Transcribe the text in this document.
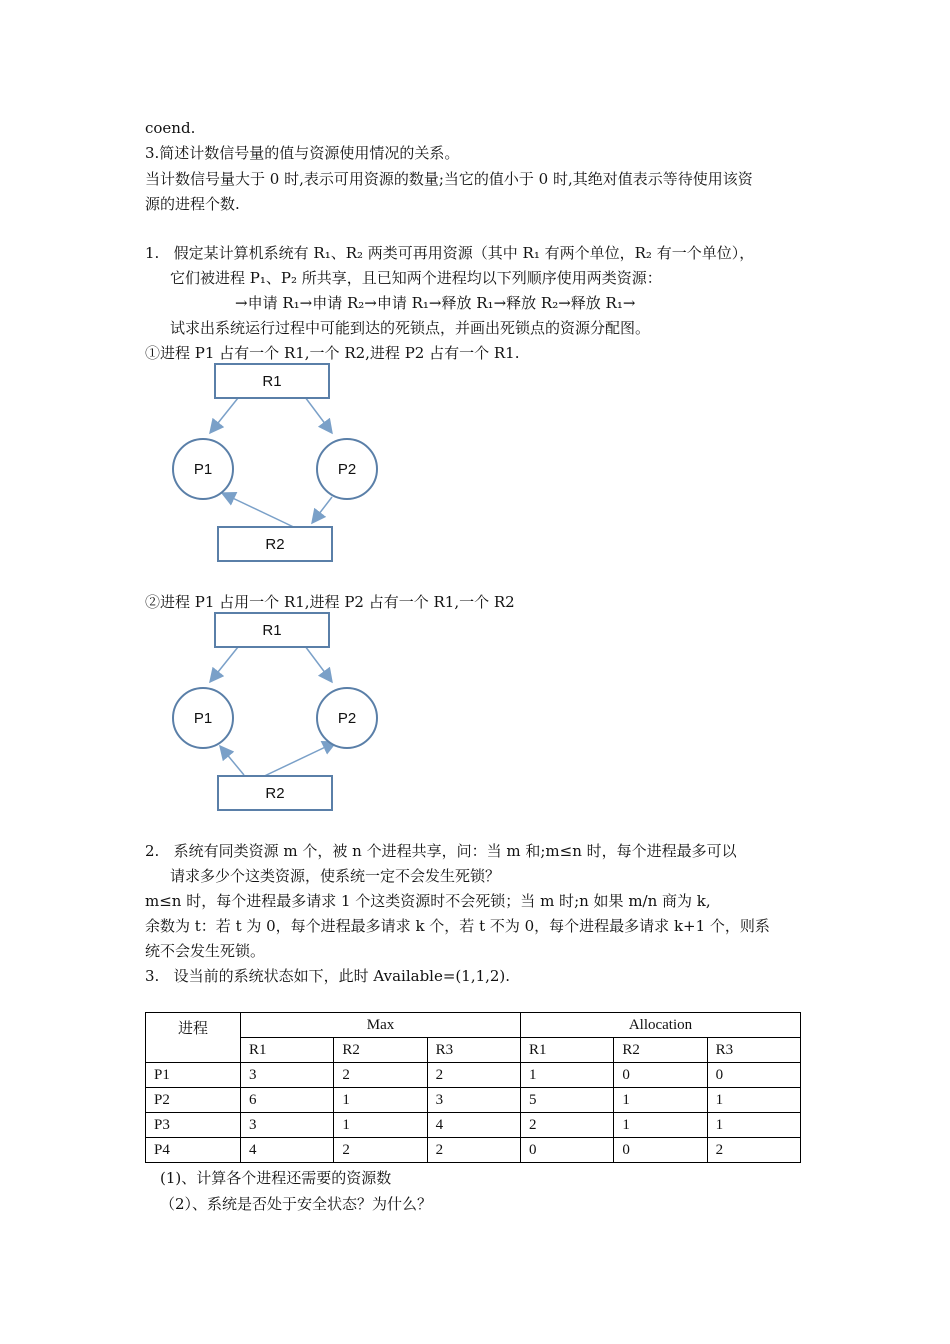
coend.
3.简述计数信号量的值与资源使用情况的关系。
当计数信号量大于 0 时,表示可用资源的数量;当它的值小于 0 时,其绝对值表示等待使用该资
源的进程个数.
1. 假定某计算机系统有 R₁、R₂ 两类可再用资源（其中 R₁ 有两个单位，R₂ 有一个单位），
它们被进程 P₁、P₂ 所共享，且已知两个进程均以下列顺序使用两类资源：
→申请 R₁→申请 R₂→申请 R₁→释放 R₁→释放 R₂→释放 R₁→
试求出系统运行过程中可能到达的死锁点，并画出死锁点的资源分配图。
①进程 P1 占有一个 R1,一个 R2,进程 P2 占有一个 R1.
R1
P1	P2
R2
②进程 P1 占用一个 R1,进程 P2 占有一个 R1,一个 R2
R1
P1	P2
R2
2. 系统有同类资源 m 个，被 n 个进程共享，问：当 m 和;m≤n 时，每个进程最多可以
请求多少个这类资源，使系统一定不会发生死锁？
m≤n 时，每个进程最多请求 1 个这类资源时不会死锁；当 m 时;n 如果 m/n 商为 k,
余数为 t：若 t 为 0，每个进程最多请求 k 个，若 t 不为 0，每个进程最多请求 k+1 个，则系
统不会发生死锁。
3. 设当前的系统状态如下，此时 Available=(1,1,2).
进程	Max			Allocation		
	R1	R2	R3	R1	R2	R3
P1	3	2	2	1	0	0
P2	6	1	3	5	1	1
P3	3	1	4	2	1	1
P4	4	2	2	0	0	2
(1)、计算各个进程还需要的资源数
（2）、系统是否处于安全状态？为什么？
